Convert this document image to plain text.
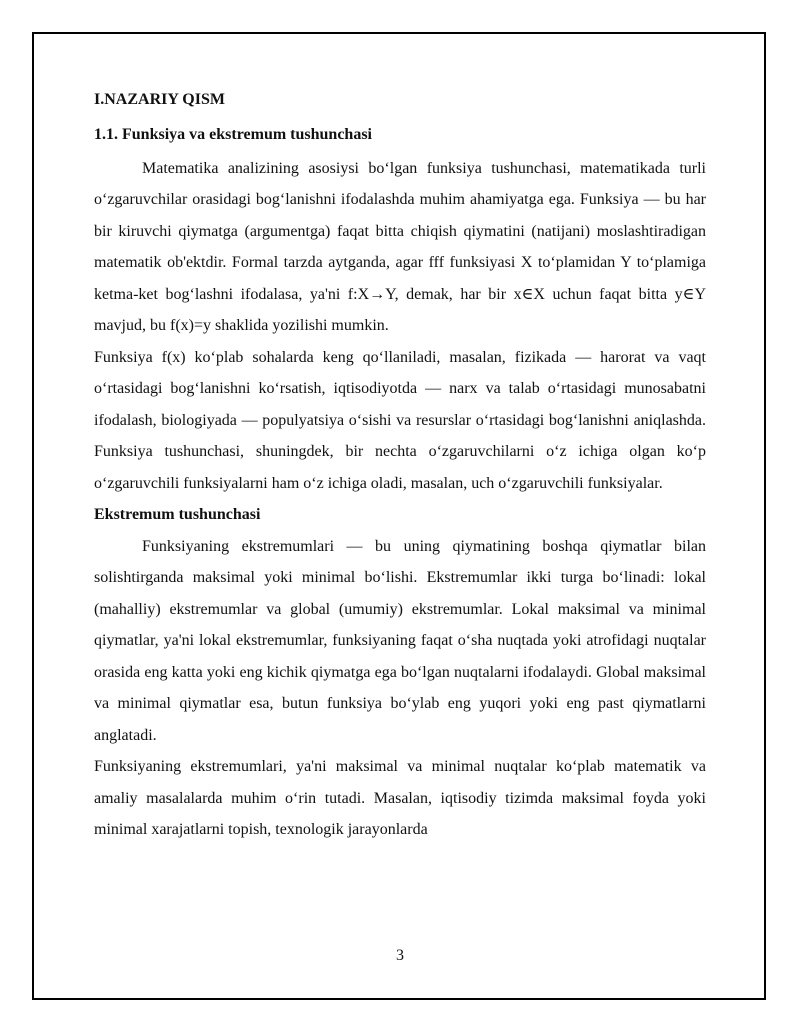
I.NAZARIY QISM

1.1. Funksiya va ekstremum tushunchasi

Matematika analizining asosiysi bo‘lgan funksiya tushunchasi, matematikada turli o‘zgaruvchilar orasidagi bog‘lanishni ifodalashda muhim ahamiyatga ega. Funksiya — bu har bir kiruvchi qiymatga (argumentga) faqat bitta chiqish qiymatini (natijani) moslashtiradigan matematik ob'ektdir. Formal tarzda aytganda, agar fff funksiyasi X to‘plamidan Y to‘plamiga ketma-ket bog‘lashni ifodalasa, ya'ni f:X→Y, demak, har bir x∈X uchun faqat bitta y∈Y mavjud, bu f(x)=y shaklida yozilishi mumkin.

Funksiya f(x) ko‘plab sohalarda keng qo‘llaniladi, masalan, fizikada — harorat va vaqt o‘rtasidagi bog‘lanishni ko‘rsatish, iqtisodiyotda — narx va talab o‘rtasidagi munosabatni ifodalash, biologiyada — populyatsiya o‘sishi va resurslar o‘rtasidagi bog‘lanishni aniqlashda. Funksiya tushunchasi, shuningdek, bir nechta o‘zgaruvchilarni o‘z ichiga olgan ko‘p o‘zgaruvchili funksiyalarni ham o‘z ichiga oladi, masalan, uch o‘zgaruvchili funksiyalar.

Ekstremum tushunchasi

Funksiyaning ekstremumlari — bu uning qiymatining boshqa qiymatlar bilan solishtirganda maksimal yoki minimal bo‘lishi. Ekstremumlar ikki turga bo‘linadi: lokal (mahalliy) ekstremumlar va global (umumiy) ekstremumlar. Lokal maksimal va minimal qiymatlar, ya'ni lokal ekstremumlar, funksiyaning faqat o‘sha nuqtada yoki atrofidagi nuqtalar orasida eng katta yoki eng kichik qiymatga ega bo‘lgan nuqtalarni ifodalaydi. Global maksimal va minimal qiymatlar esa, butun funksiya bo‘ylab eng yuqori yoki eng past qiymatlarni anglatadi.

Funksiyaning ekstremumlari, ya'ni maksimal va minimal nuqtalar ko‘plab matematik va amaliy masalalarda muhim o‘rin tutadi. Masalan, iqtisodiy tizimda maksimal foyda yoki minimal xarajatlarni topish, texnologik jarayonlarda

3
